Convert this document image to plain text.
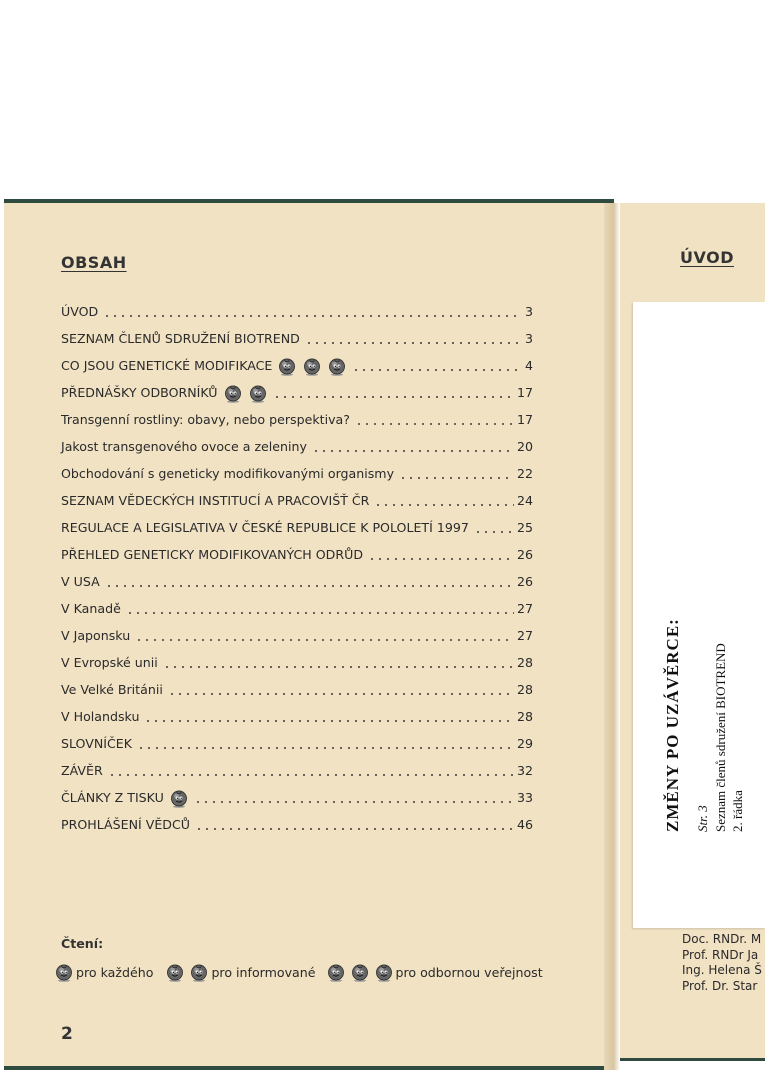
OBSAH
ÚVOD	3
SEZNAM ČLENŮ SDRUŽENÍ BIOTREND	3
CO JSOU GENETICKÉ MODIFIKACE	4
PŘEDNÁŠKY ODBORNÍKŮ	17
Transgenní rostliny: obavy, nebo perspektiva?	17
Jakost transgenového ovoce a zeleniny	20
Obchodování s geneticky modifikovanými organismy	22
SEZNAM VĚDECKÝCH INSTITUCÍ A PRACOVIŠŤ ČR	24
REGULACE A LEGISLATIVA V ČESKÉ REPUBLICE K POLOLETÍ 1997	25
PŘEHLED GENETICKY MODIFIKOVANÝCH ODRŮD	26
V USA	26
V Kanadě	27
V Japonsku	27
V Evropské unii	28
Ve Velké Británii	28
V Holandsku	28
SLOVNÍČEK	29
ZÁVĚR	32
ČLÁNKY Z TISKU	33
PROHLÁŠENÍ VĚDCŮ	46
Čtení:
pro každého	pro informované	pro odbornou veřejnost
2
ÚVOD
ZMĚNY PO UZÁVĚRCE: Str. 3 Seznam členů sdružení BIOTREND 2. řádka
Doc. RNDr. M
Prof. RNDr Ja
Ing. Helena Š
Prof. Dr. Star
